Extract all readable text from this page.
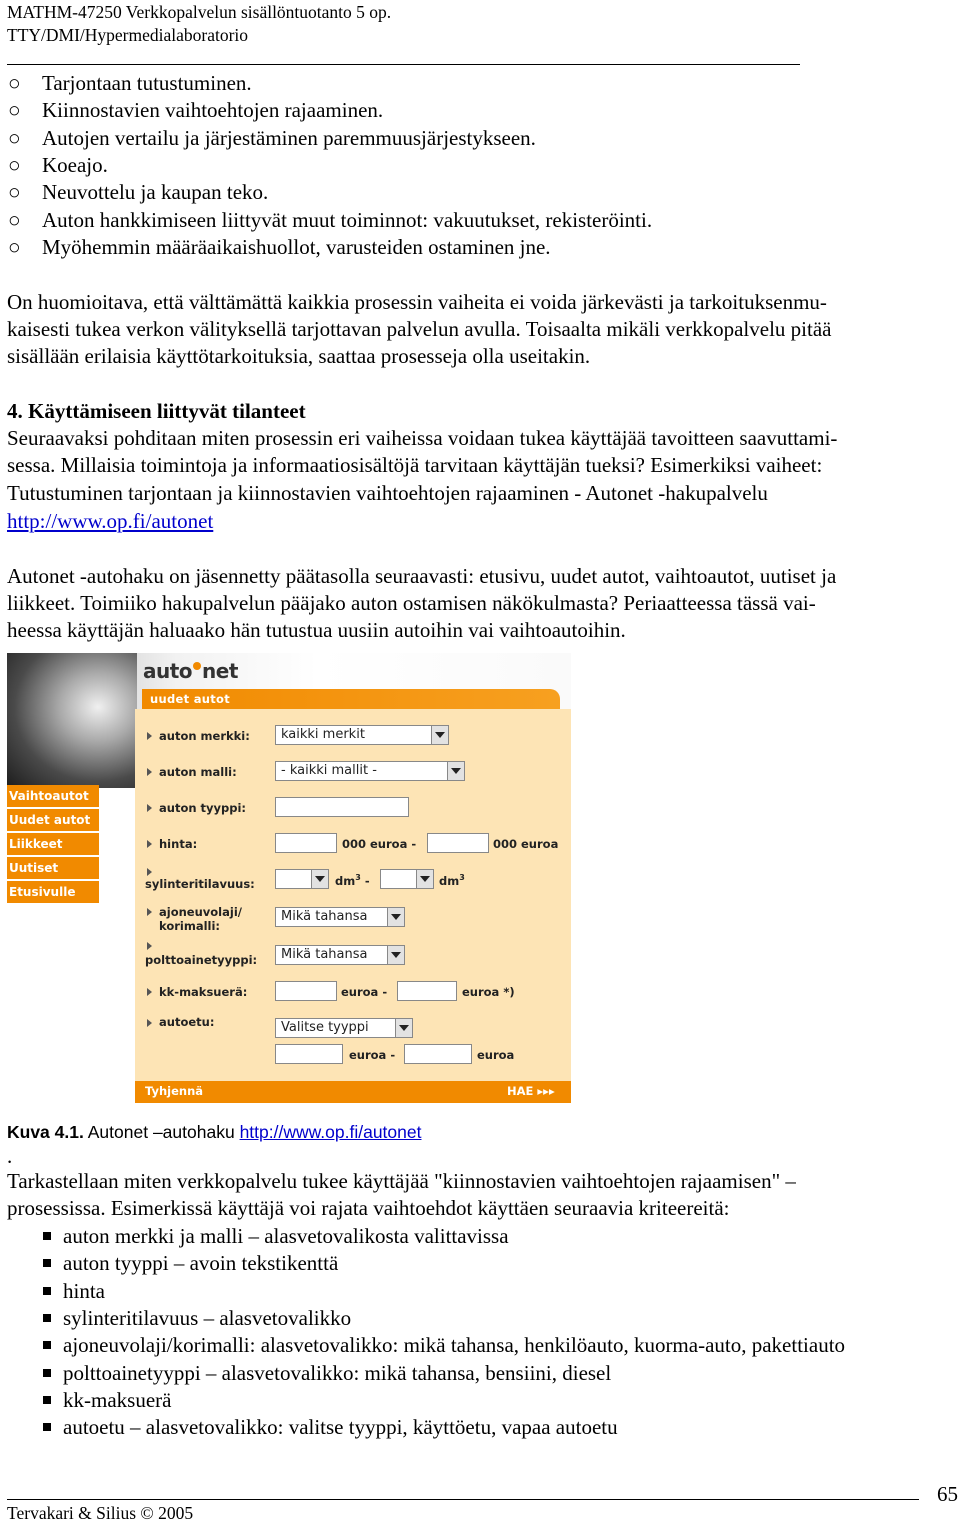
MATHM-47250 Verkkopalvelun sisällöntuotanto 5 op.
TTY/DMI/Hypermedialaboratorio
○ Tarjontaan tutustuminen.
○ Kiinnostavien vaihtoehtojen rajaaminen.
○ Autojen vertailu ja järjestäminen paremmuusjärjestykseen.
○ Koeajo.
○ Neuvottelu ja kaupan teko.
○ Auton hankkimiseen liittyvät muut toiminnot: vakuutukset, rekisteröinti.
○ Myöhemmin määräaikaishuollot, varusteiden ostaminen jne.
On huomioitava, että välttämättä kaikkia prosessin vaiheita ei voida järkevästi ja tarkoituksenmu-
kaisesti tukea verkon välityksellä tarjottavan palvelun avulla. Toisaalta mikäli verkkopalvelu pitää
sisällään erilaisia käyttötarkoituksia, saattaa prosesseja olla useitakin.
4. Käyttämiseen liittyvät tilanteet
Seuraavaksi pohditaan miten prosessin eri vaiheissa voidaan tukea käyttäjää tavoitteen saavuttami-
sessa. Millaisia toimintoja ja informaatiosisältöjä tarvitaan käyttäjän tueksi? Esimerkiksi vaiheet:
Tutustuminen tarjontaan ja kiinnostavien vaihtoehtojen rajaaminen - Autonet -hakupalvelu
http://www.op.fi/autonet
Autonet -autohaku on jäsennetty päätasolla seuraavasti: etusivu, uudet autot, vaihtoautot, uutiset ja
liikkeet. Toimiiko hakupalvelun pääjako auton ostamisen näkökulmasta? Periaatteessa tässä vai-
heessa käyttäjän haluaako hän tutustua uusiin autoihin vai vaihtoautoihin.
auto net
uudet autot
Vaihtoautot
Uudet autot
Liikkeet
Uutiset
Etusivulle
auton merkki:	kaikki merkit
auton malli:	- kaikki mallit -
auton tyyppi:
hinta:	000 euroa -	000 euroa
sylinteritilavuus:	$dm^3$ -	$dm^3$
ajoneuvolaji/
korimalli:
Mikä tahansa
polttoainetyyppi:	Mikä tahansa
kk-maksuerä:	euroa -	euroa *)
autoetu:	Valitse tyyppi
euroa -	euroa
Tyhjennä	HAE ▸▸▸
Kuva 4.1. Autonet –autohaku http://www.op.fi/autonet
.
Tarkastellaan miten verkkopalvelu tukee käyttäjää "kiinnostavien vaihtoehtojen rajaamisen" –
prosessissa. Esimerkissä käyttäjä voi rajata vaihtoehdot käyttäen seuraavia kriteereitä:
auton merkki ja malli – alasvetovalikosta valittavissa
auton tyyppi – avoin tekstikenttä
hinta
sylinteritilavuus – alasvetovalikko
ajoneuvolaji/korimalli: alasvetovalikko: mikä tahansa, henkilöauto, kuorma-auto, pakettiauto
polttoainetyyppi – alasvetovalikko: mikä tahansa, bensiini, diesel
kk-maksuerä
autoetu – alasvetovalikko: valitse tyyppi, käyttöetu, vapaa autoetu
Tervakari & Silius © 2005
65
